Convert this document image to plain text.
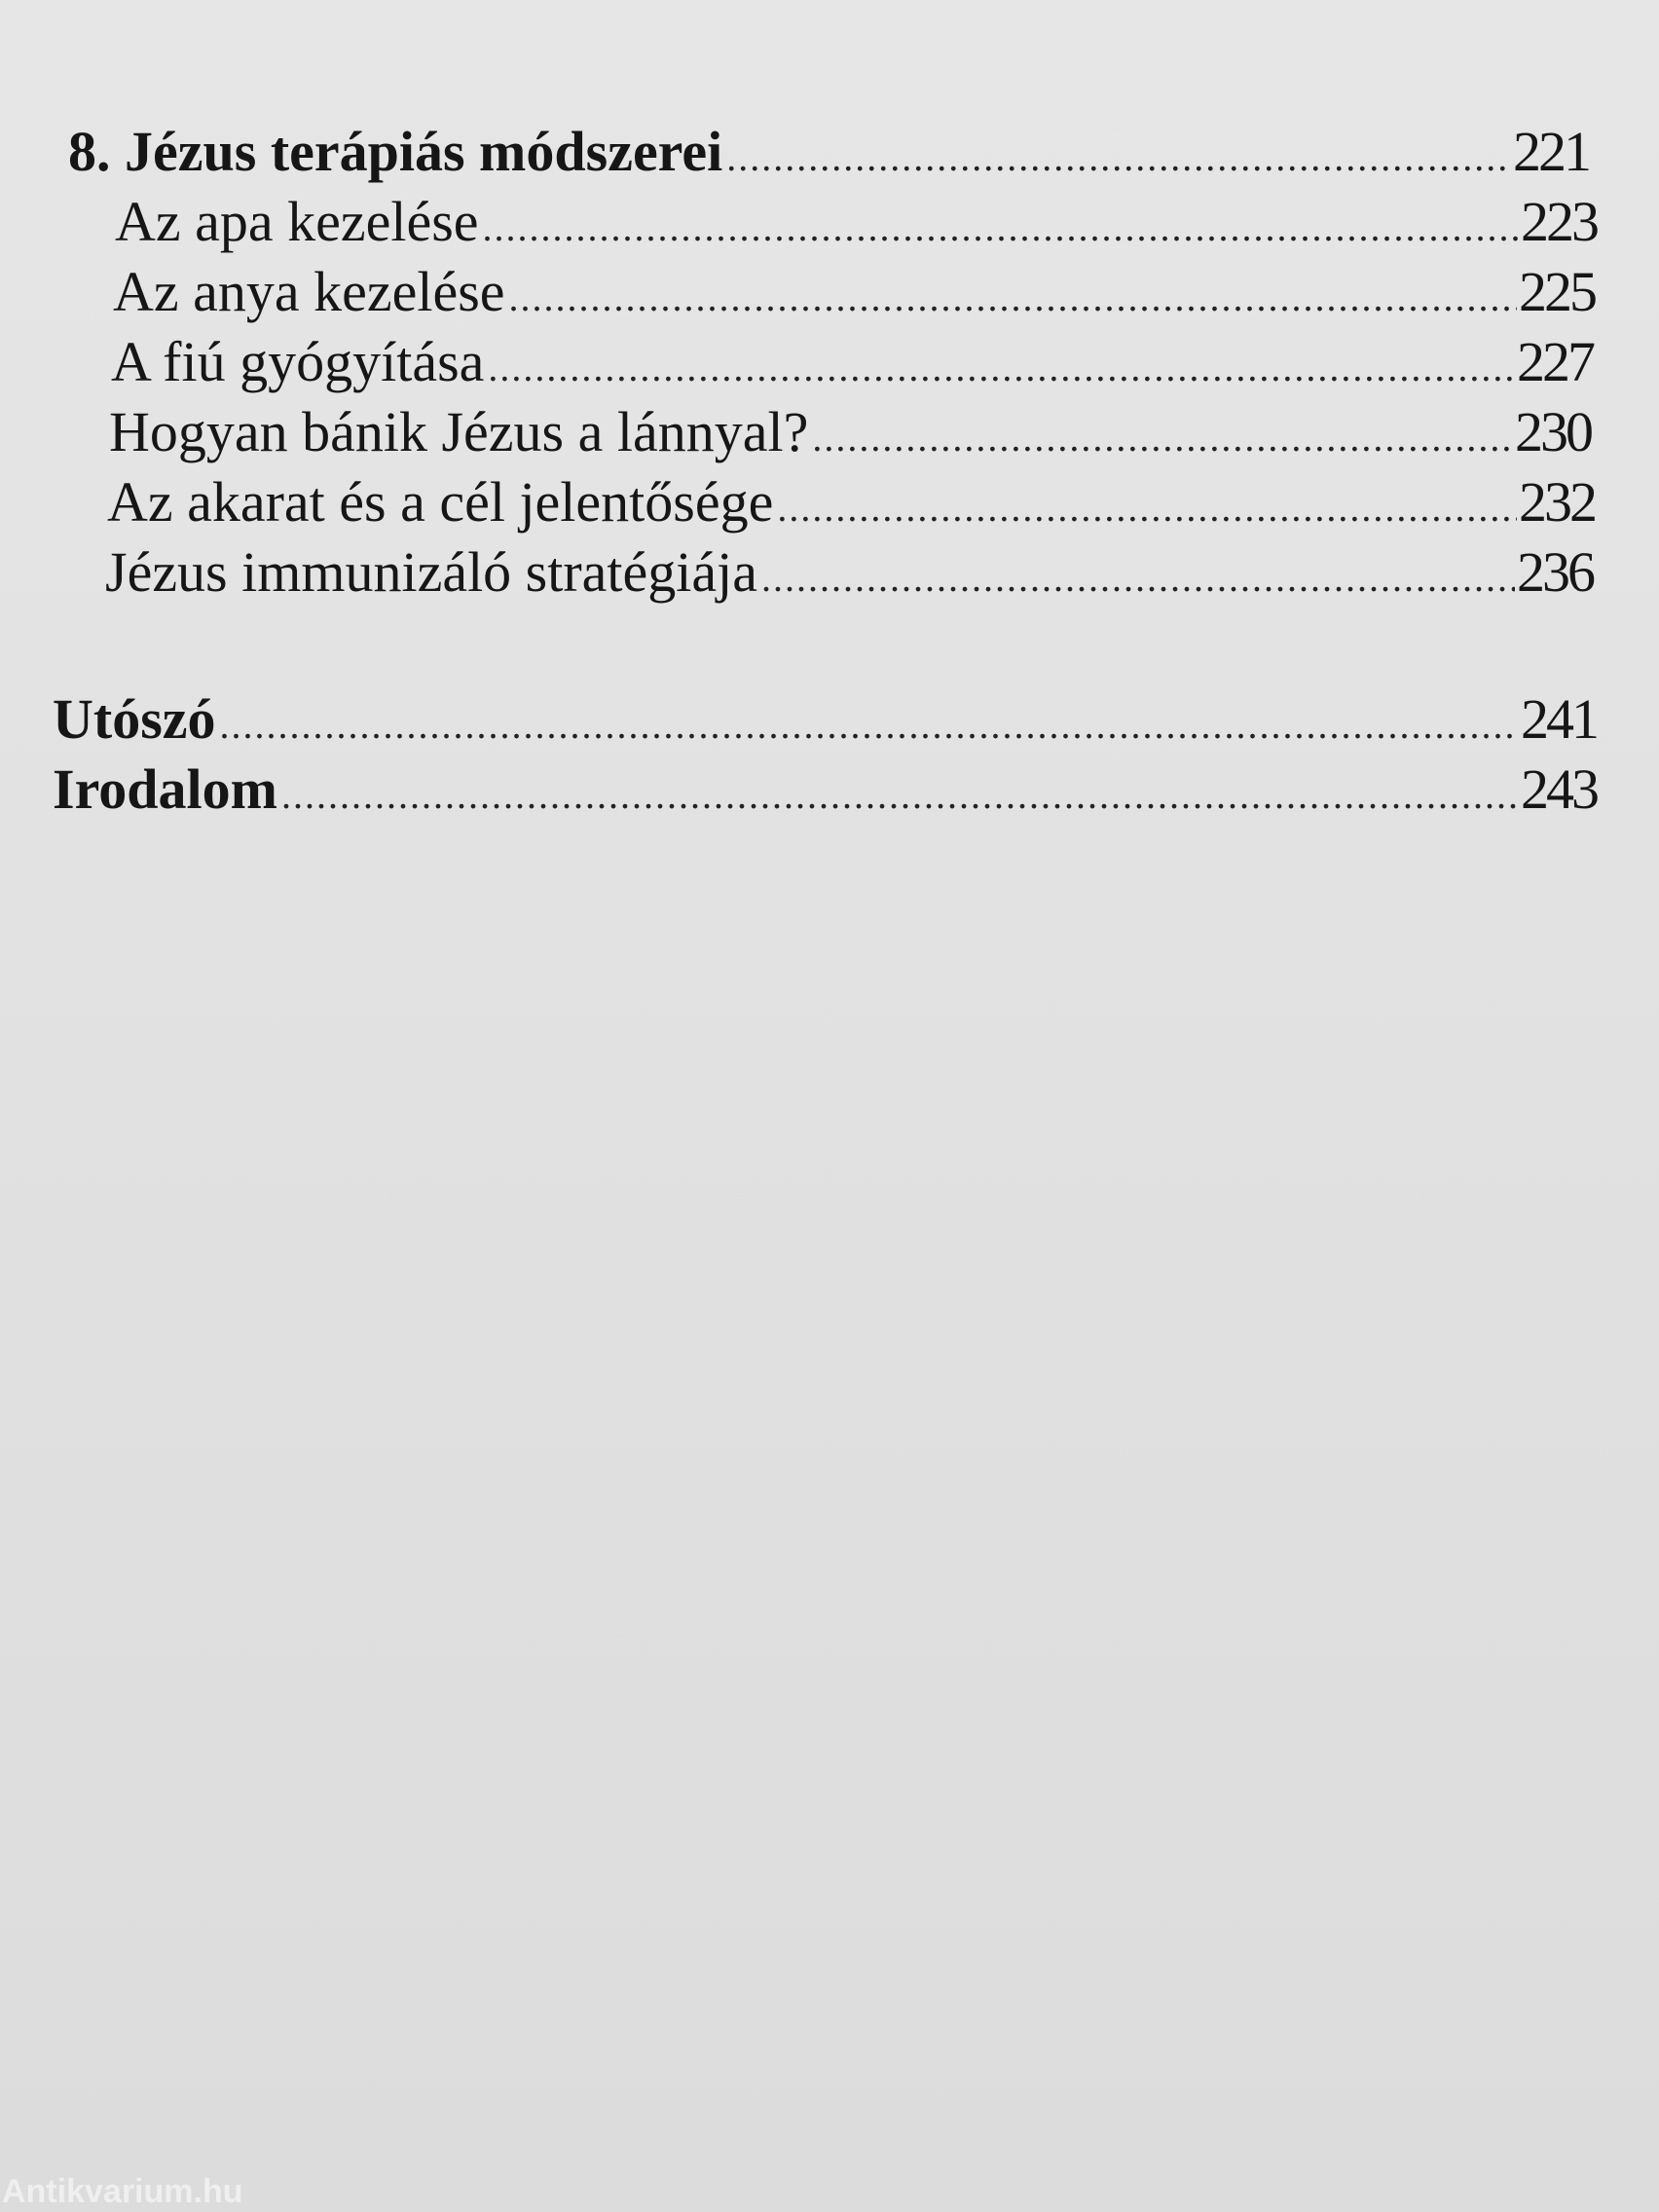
8. Jézus terápiás módszerei .....	221
Az apa kezelése .....	223
Az anya kezelése .....	225
A fiú gyógyítása .....	227
Hogyan bánik Jézus a lánnyal? .....	230
Az akarat és a cél jelentősége .....	232
Jézus immunizáló stratégiája .....	236
Utószó .....	241
Irodalom .....	243
Antikvarium.hu
